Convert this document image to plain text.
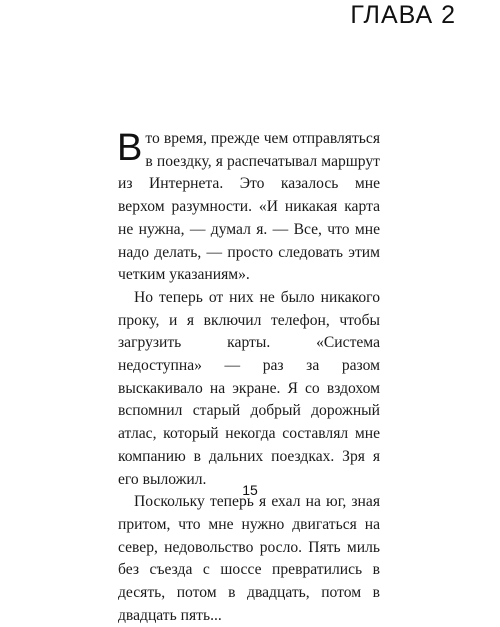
ГЛАВА 2

В то время, прежде чем отправляться в поездку, я распечатывал маршрут из Интернета. Это казалось мне верхом разумности. «И никакая карта не нужна, — думал я. — Все, что мне надо делать, — просто следовать этим четким указаниям».

Но теперь от них не было никакого проку, и я включил телефон, чтобы загрузить карты. «Система недоступна» — раз за разом выскакивало на экране. Я со вздохом вспомнил старый добрый дорожный атлас, который некогда составлял мне компанию в дальних поездках. Зря я его выложил.

Поскольку теперь я ехал на юг, зная притом, что мне нужно двигаться на север, недовольство росло. Пять миль без съезда с шоссе превратились в десять, потом в двадцать, потом в двадцать пять...

15
